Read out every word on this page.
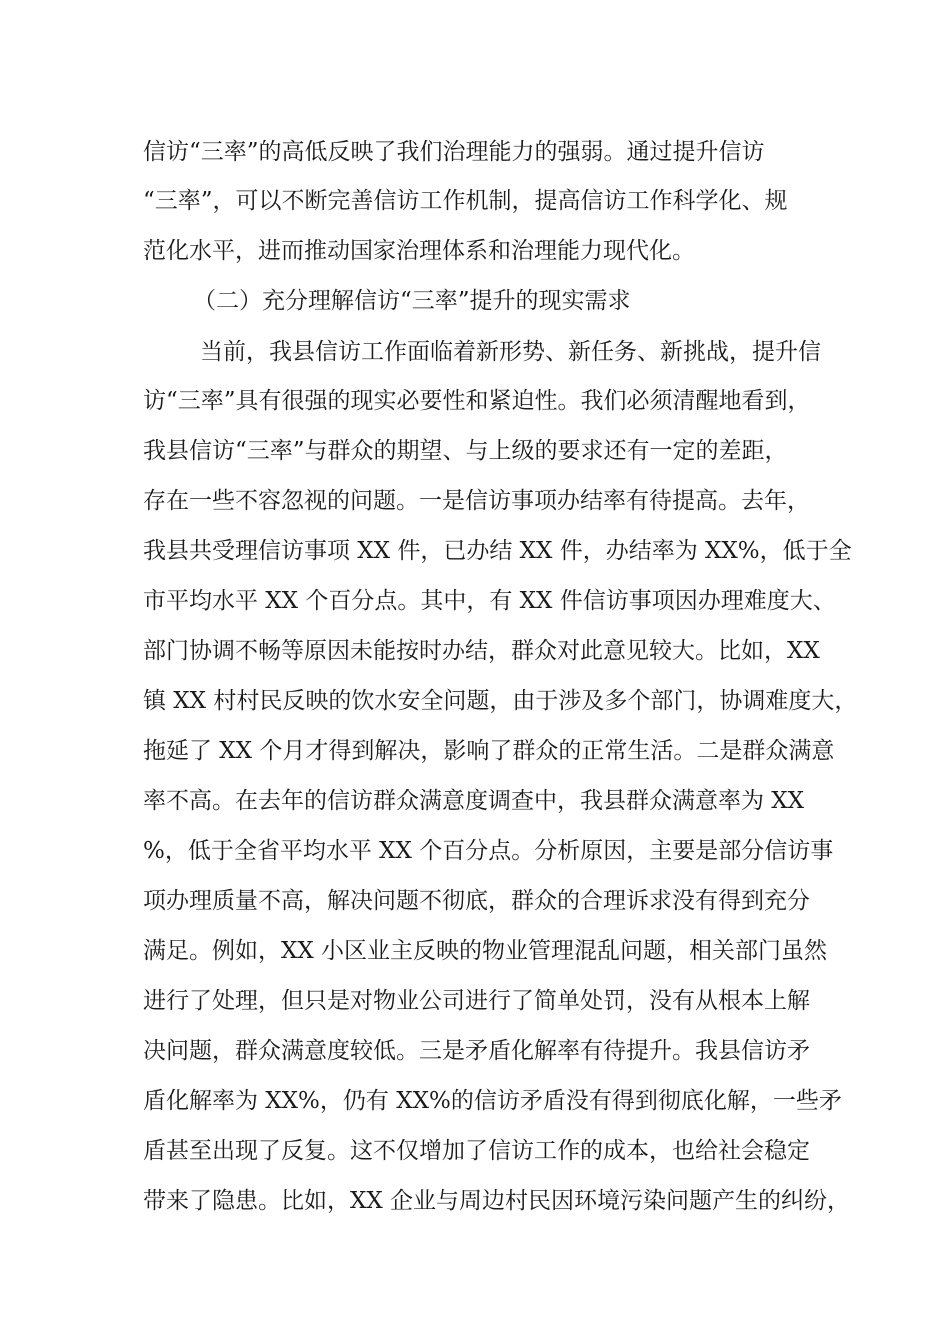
信访“三率”的高低反映了我们治理能力的强弱。通过提升信访
“三率”，可以不断完善信访工作机制，提高信访工作科学化、规
范化水平，进而推动国家治理体系和治理能力现代化。
（二）充分理解信访“三率”提升的现实需求
当前，我县信访工作面临着新形势、新任务、新挑战，提升信
访“三率”具有很强的现实必要性和紧迫性。我们必须清醒地看到，
我县信访“三率”与群众的期望、与上级的要求还有一定的差距，
存在一些不容忽视的问题。一是信访事项办结率有待提高。去年，
我县共受理信访事项 XX 件，已办结 XX 件，办结率为 XX%，低于全
市平均水平 XX 个百分点。其中，有 XX 件信访事项因办理难度大、
部门协调不畅等原因未能按时办结，群众对此意见较大。比如，XX
镇 XX 村村民反映的饮水安全问题，由于涉及多个部门，协调难度大，
拖延了 XX 个月才得到解决，影响了群众的正常生活。二是群众满意
率不高。在去年的信访群众满意度调查中，我县群众满意率为 XX
%，低于全省平均水平 XX 个百分点。分析原因，主要是部分信访事
项办理质量不高，解决问题不彻底，群众的合理诉求没有得到充分
满足。例如，XX 小区业主反映的物业管理混乱问题，相关部门虽然
进行了处理，但只是对物业公司进行了简单处罚，没有从根本上解
决问题，群众满意度较低。三是矛盾化解率有待提升。我县信访矛
盾化解率为 XX%，仍有 XX%的信访矛盾没有得到彻底化解，一些矛
盾甚至出现了反复。这不仅增加了信访工作的成本，也给社会稳定
带来了隐患。比如，XX 企业与周边村民因环境污染问题产生的纠纷，
